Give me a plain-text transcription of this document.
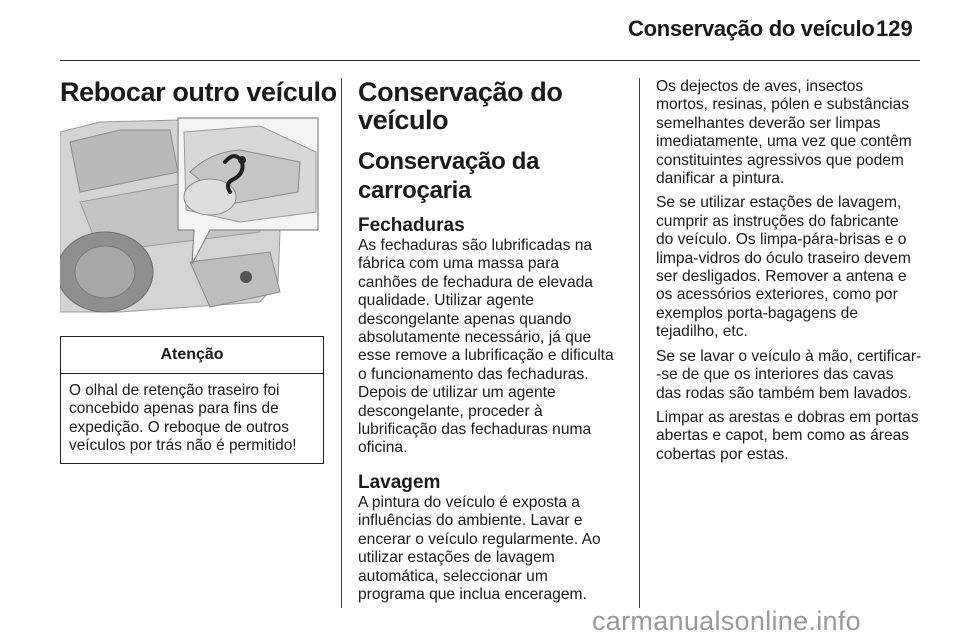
Conservação do veículo 129
Rebocar outro veículo
Atenção
O olhal de retenção traseiro foi concebido apenas para fins de expedição. O reboque de outros veículos por trás não é permitido!
Conservação do
veículo
Conservação da
carroçaria
Fechaduras
As fechaduras são lubrificadas na
fábrica com uma massa para
canhões de fechadura de elevada
qualidade. Utilizar agente
descongelante apenas quando
absolutamente necessário, já que
esse remove a lubrificação e dificulta
o funcionamento das fechaduras.
Depois de utilizar um agente
descongelante, proceder à
lubrificação das fechaduras numa
oficina.
Lavagem
A pintura do veículo é exposta a
influências do ambiente. Lavar e
encerar o veículo regularmente. Ao
utilizar estações de lavagem
automática, seleccionar um
programa que inclua enceragem.

Os dejectos de aves, insectos
mortos, resinas, pólen e substâncias
semelhantes deverão ser limpas
imediatamente, uma vez que contêm
constituintes agressivos que podem
danificar a pintura.

Se se utilizar estações de lavagem,
cumprir as instruções do fabricante
do veículo. Os limpa-pára-brisas e o
limpa-vidros do óculo traseiro devem
ser desligados. Remover a antena e
os acessórios exteriores, como por
exemplos porta-bagagens de
tejadilho, etc.

Se se lavar o veículo à mão, certificar-
-se de que os interiores das cavas
das rodas são também bem lavados.

Limpar as arestas e dobras em portas
abertas e capot, bem como as áreas
cobertas por estas.

carmanualsonline.info
